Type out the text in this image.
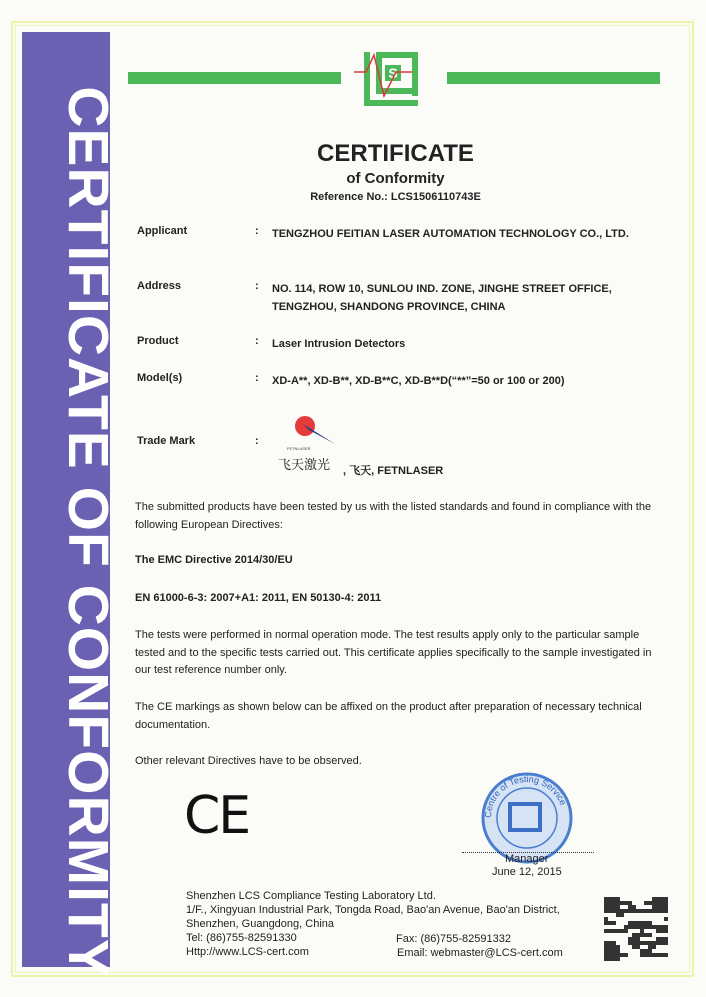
CERTIFICATE OF CONFORMITY
S
CERTIFICATE
of Conformity
Reference No.: LCS1506110743E
Applicant	:	TENGZHOU FEITIAN LASER AUTOMATION TECHNOLOGY CO., LTD.
Address	:	NO. 114, ROW 10, SUNLOU IND. ZONE, JINGHE STREET OFFICE, TENGZHOU, SHANDONG PROVINCE, CHINA
Product	:	Laser Intrusion Detectors
Model(s)	:	XD-A**, XD-B**, XD-B**C, XD-B**D(“**”=50 or 100 or 200)
Trade Mark	:
FETNLASER
飞天激光 , 飞天, FETNLASER
The submitted products have been tested by us with the listed standards and found in compliance with the following European Directives:
The EMC Directive 2014/30/EU
EN 61000-6-3: 2007+A1: 2011, EN 50130-4: 2011
The tests were performed in normal operation mode. The test results apply only to the particular sample tested and to the specific tests carried out. This certificate applies specifically to the sample investigated in our test reference number only.
The CE markings as shown below can be affixed on the product after preparation of necessary technical documentation.
Other relevant Directives have to be observed.
CE	Centre of Testing Service
Manager
June 12, 2015
Shenzhen LCS Compliance Testing Laboratory Ltd.
1/F., Xingyuan Industrial Park, Tongda Road, Bao'an Avenue, Bao'an District,
Shenzhen, Guangdong, China
Tel: (86)755-82591330
Http://www.LCS-cert.com
Fax: (86)755-82591332
Email: webmaster@LCS-cert.com
